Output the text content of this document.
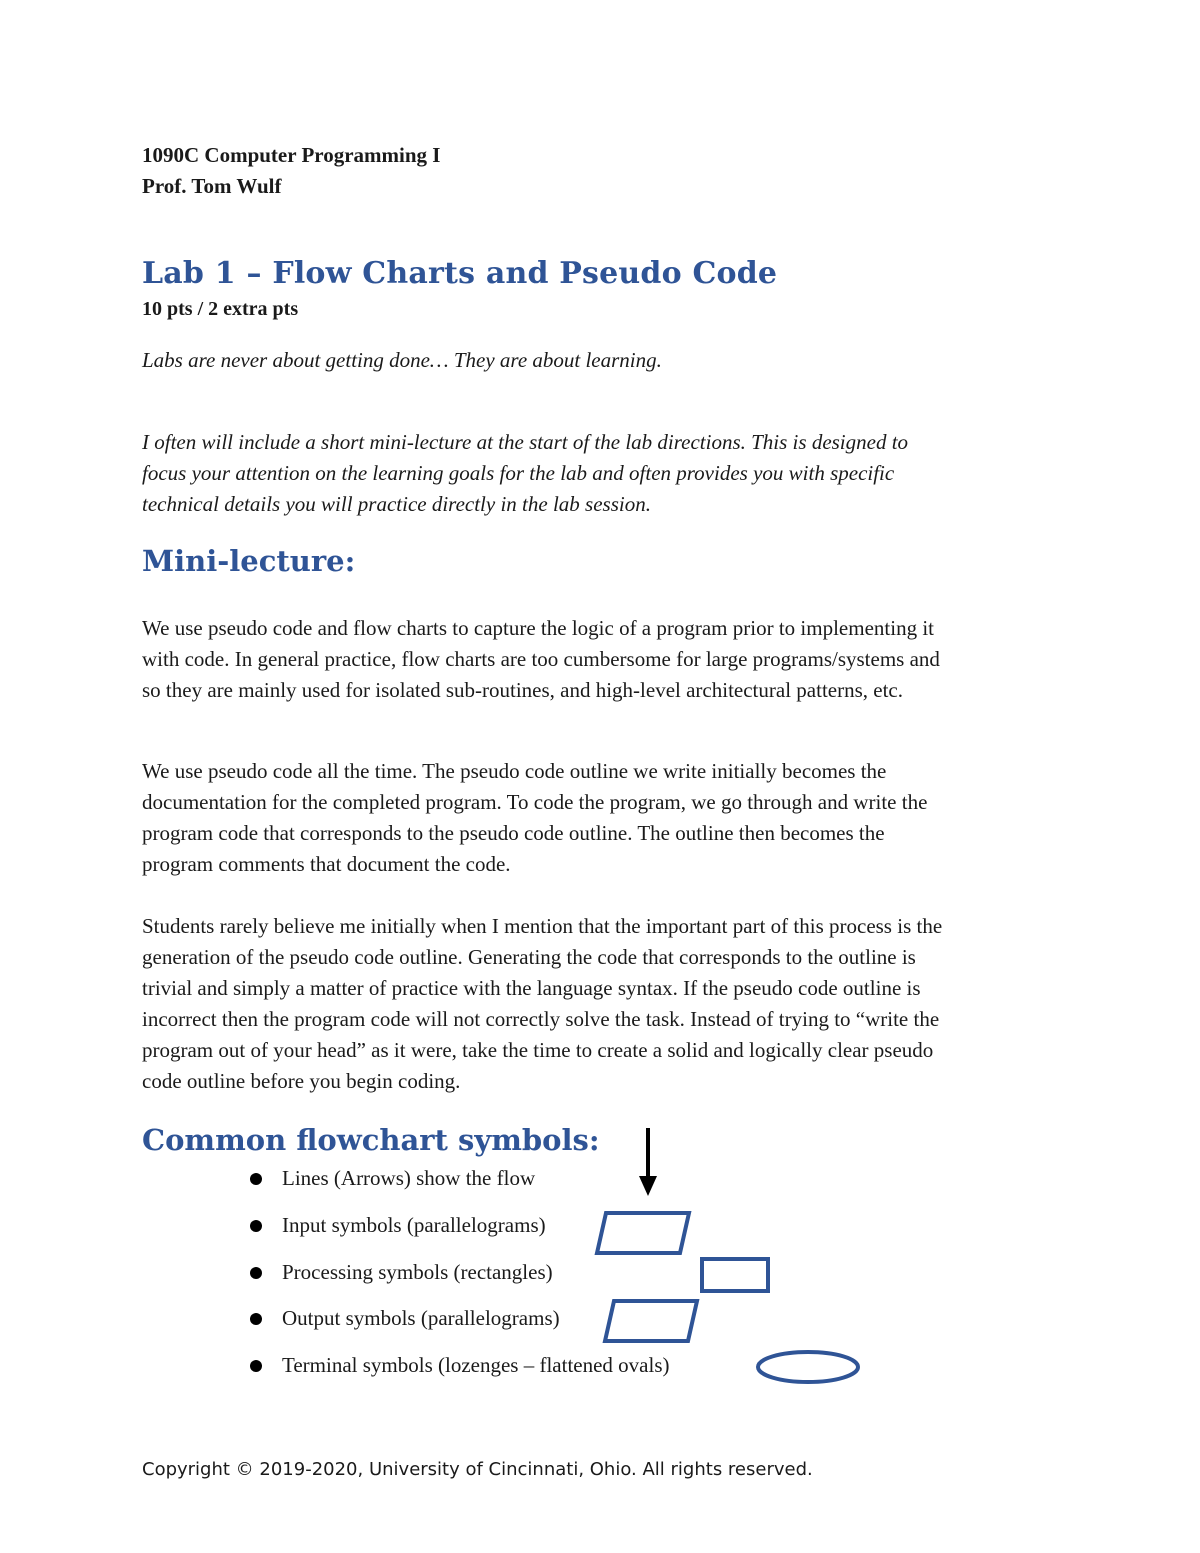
1090C Computer Programming I
Prof. Tom Wulf
Lab 1 – Flow Charts and Pseudo Code
10 pts / 2 extra pts
Labs are never about getting done… They are about learning.
I often will include a short mini-lecture at the start of the lab directions. This is designed to
focus your attention on the learning goals for the lab and often provides you with specific
technical details you will practice directly in the lab session.
Mini-lecture:
We use pseudo code and flow charts to capture the logic of a program prior to implementing it
with code. In general practice, flow charts are too cumbersome for large programs/systems and
so they are mainly used for isolated sub-routines, and high-level architectural patterns, etc.
We use pseudo code all the time. The pseudo code outline we write initially becomes the
documentation for the completed program. To code the program, we go through and write the
program code that corresponds to the pseudo code outline. The outline then becomes the
program comments that document the code.
Students rarely believe me initially when I mention that the important part of this process is the
generation of the pseudo code outline. Generating the code that corresponds to the outline is
trivial and simply a matter of practice with the language syntax. If the pseudo code outline is
incorrect then the program code will not correctly solve the task. Instead of trying to “write the
program out of your head” as it were, take the time to create a solid and logically clear pseudo
code outline before you begin coding.
Common flowchart symbols:
Lines (Arrows) show the flow
Input symbols (parallelograms)
Processing symbols (rectangles)
Output symbols (parallelograms)
Terminal symbols (lozenges – flattened ovals)
Copyright © 2019-2020, University of Cincinnati, Ohio. All rights reserved.
